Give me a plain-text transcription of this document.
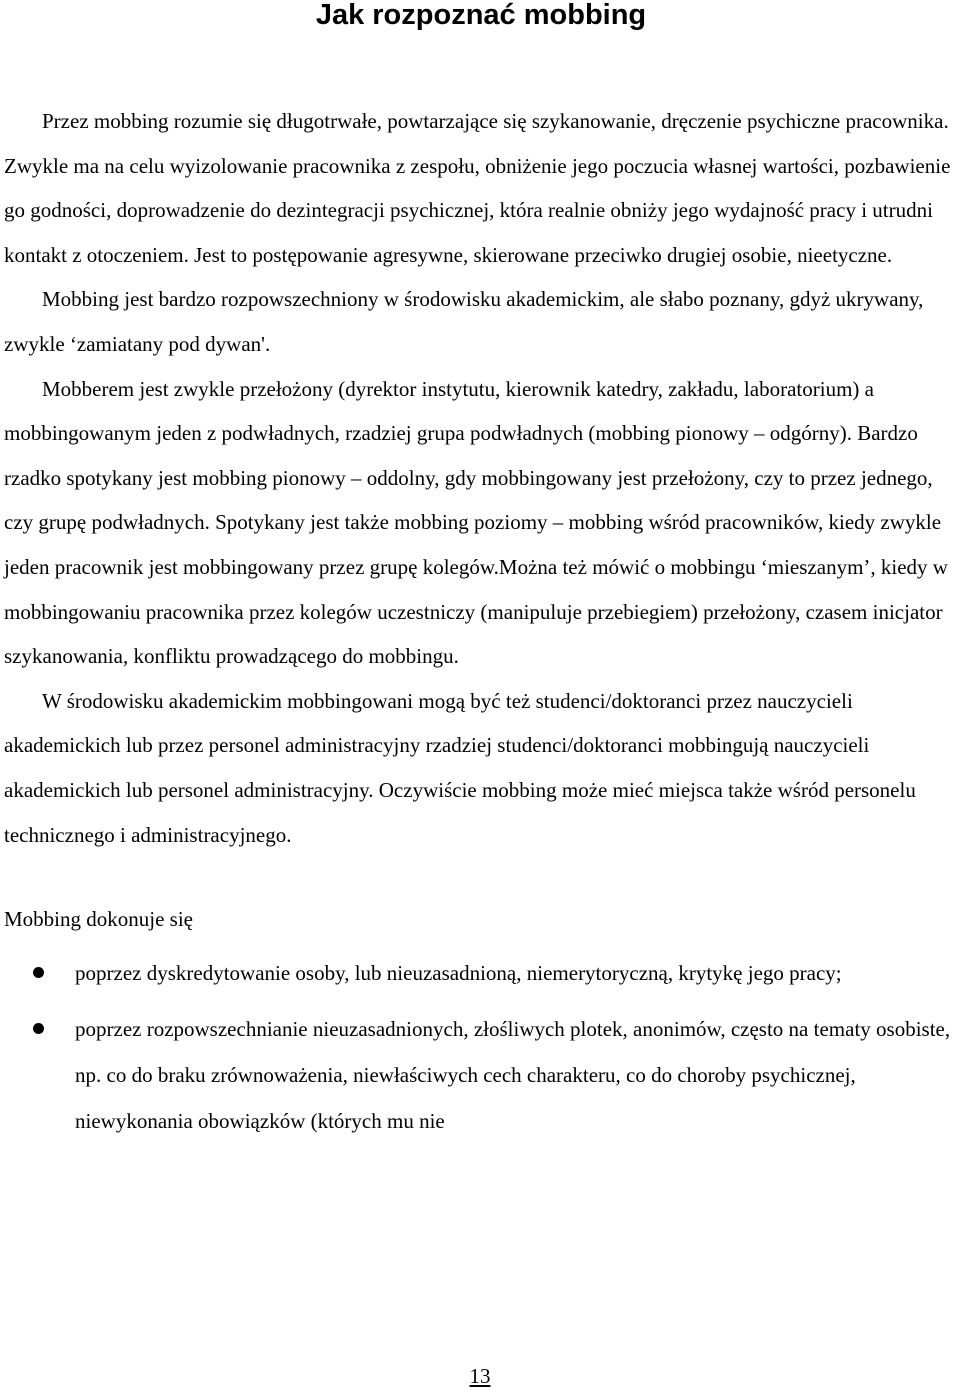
Jak rozpoznać mobbing

Przez mobbing rozumie się długotrwałe, powtarzające się szykanowanie, dręczenie psychiczne pracownika. Zwykle ma na celu wyizolowanie pracownika z zespołu, obniżenie jego poczucia własnej wartości, pozbawienie go godności, doprowadzenie do dezintegracji psychicznej, która realnie obniży jego wydajność pracy i utrudni kontakt z otoczeniem. Jest to postępowanie agresywne, skierowane przeciwko drugiej osobie, nieetyczne.

Mobbing jest bardzo rozpowszechniony w środowisku akademickim, ale słabo poznany, gdyż ukrywany, zwykle ‘zamiatany pod dywan'.

Mobberem jest zwykle przełożony (dyrektor instytutu, kierownik katedry, zakładu, laboratorium) a mobbingowanym jeden z podwładnych, rzadziej grupa podwładnych (mobbing pionowy – odgórny). Bardzo rzadko spotykany jest mobbing pionowy – oddolny, gdy mobbingowany jest przełożony, czy to przez jednego, czy grupę podwładnych. Spotykany jest także mobbing poziomy – mobbing wśród pracowników, kiedy zwykle jeden pracownik jest mobbingowany przez grupę kolegów.Można też mówić o mobbingu ‘mieszanym’, kiedy w mobbingowaniu pracownika przez kolegów uczestniczy (manipuluje przebiegiem) przełożony, czasem inicjator szykanowania, konfliktu prowadzącego do mobbingu.

W środowisku akademickim mobbingowani mogą być też studenci/doktoranci przez nauczycieli akademickich lub przez personel administracyjny rzadziej studenci/doktoranci mobbingują nauczycieli akademickich lub personel administracyjny. Oczywiście mobbing może mieć miejsca także wśród personelu technicznego i administracyjnego.

Mobbing dokonuje się

poprzez dyskredytowanie osoby, lub nieuzasadnioną, niemerytoryczną, krytykę jego pracy;
poprzez rozpowszechnianie nieuzasadnionych, złośliwych plotek, anonimów, często na tematy osobiste, np. co do braku zrównoważenia, niewłaściwych cech charakteru, co do choroby psychicznej, niewykonania obowiązków (których mu nie
13
